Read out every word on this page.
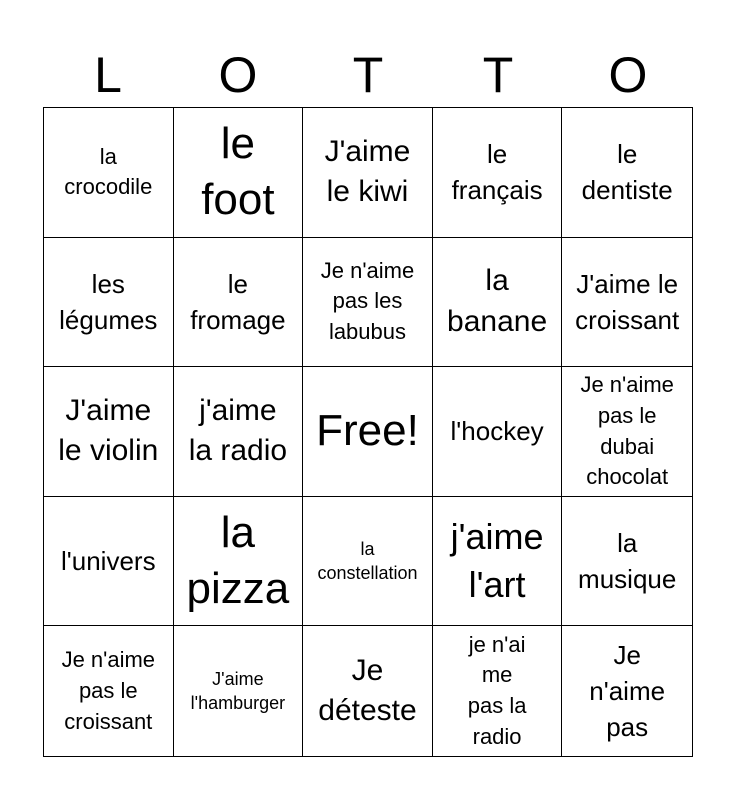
L	O	T	T	O
la
crocodile
le
foot
J'aime
le kiwi
le
français
le
dentiste
les
légumes
le
fromage
Je n'aime
pas les
labubus
la
banane
J'aime le
croissant
J'aime
le violin
j'aime
la radio Free! l'hockey
Je n'aime
pas le
dubai
chocolat
l'univers
la
pizza
la
constellation
j'aime
l'art
la
musique
Je n'aime
pas le
croissant
J'aime
l'hamburger
Je
déteste
je n'ai
me
pas la
radio
Je
n'aime
pas
